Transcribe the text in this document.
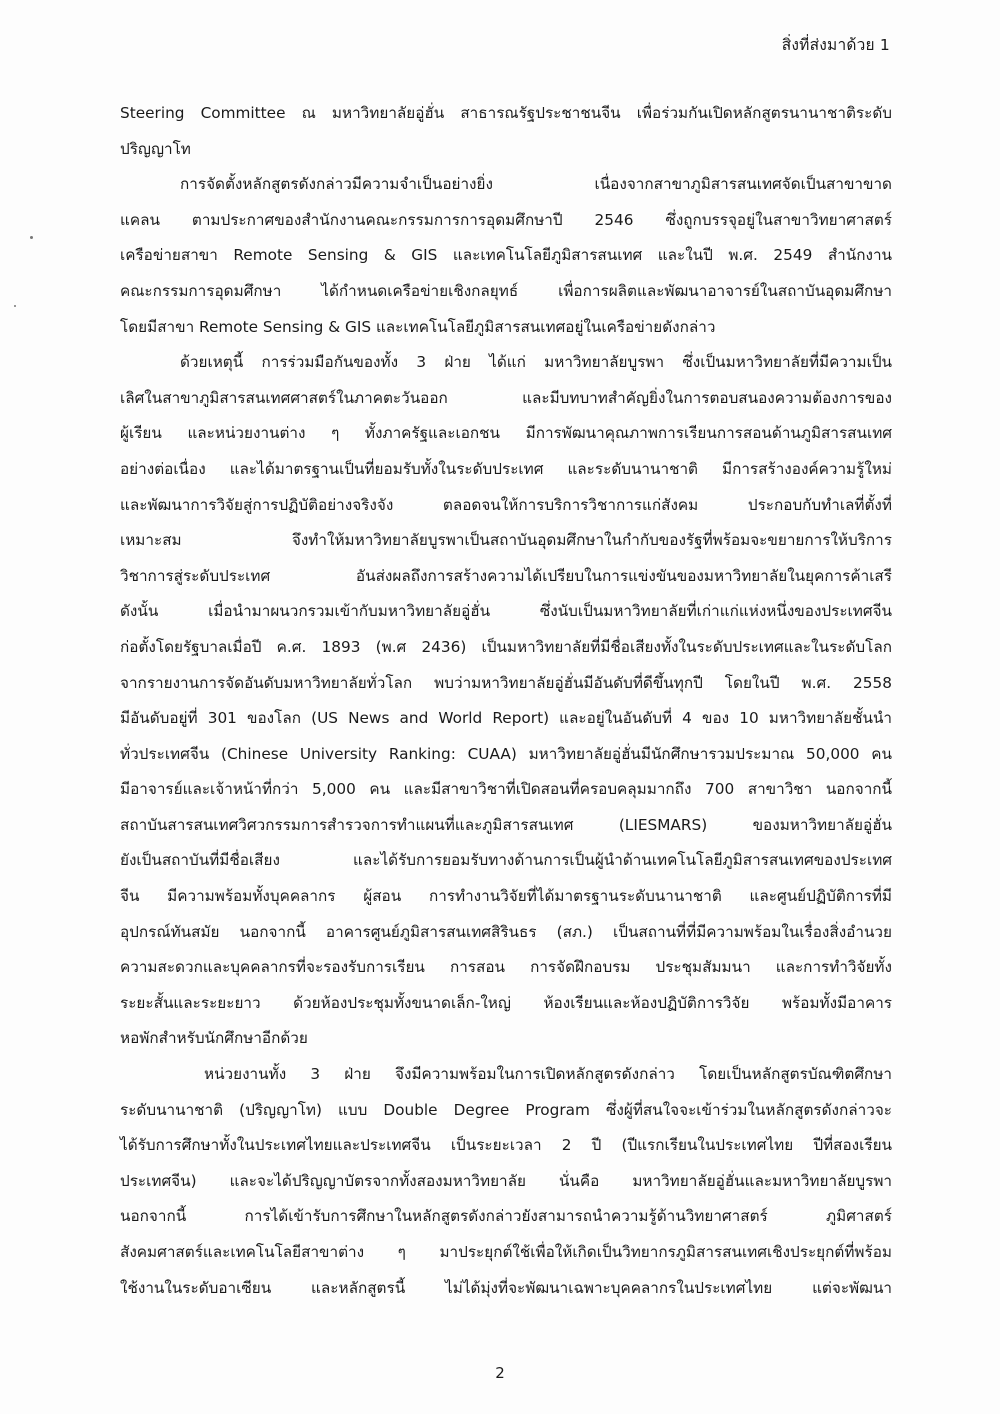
สิ่งที่ส่งมาด้วย 1
Steering Committee ณ มหาวิทยาลัยอู่ฮั่น สาธารณรัฐประชาชนจีน เพื่อร่วมกันเปิดหลักสูตรนานาชาติระดับ
ปริญญาโท
การจัดตั้งหลักสูตรดังกล่าวมีความจำเป็นอย่างยิ่ง เนื่องจากสาขาภูมิสารสนเทศจัดเป็นสาขาขาด
แคลน ตามประกาศของสำนักงานคณะกรรมการการอุดมศึกษาปี 2546 ซึ่งถูกบรรจุอยู่ในสาขาวิทยาศาสตร์
เครือข่ายสาขา Remote Sensing & GIS และเทคโนโลยีภูมิสารสนเทศ และในปี พ.ศ. 2549 สำนักงาน
คณะกรรมการอุดมศึกษา ได้กำหนดเครือข่ายเชิงกลยุทธ์ เพื่อการผลิตและพัฒนาอาจารย์ในสถาบันอุดมศึกษา
โดยมีสาขา Remote Sensing & GIS และเทคโนโลยีภูมิสารสนเทศอยู่ในเครือข่ายดังกล่าว
ด้วยเหตุนี้ การร่วมมือกันของทั้ง 3 ฝ่าย ได้แก่ มหาวิทยาลัยบูรพา ซึ่งเป็นมหาวิทยาลัยที่มีความเป็น
เลิศในสาขาภูมิสารสนเทศศาสตร์ในภาคตะวันออก และมีบทบาทสำคัญยิ่งในการตอบสนองความต้องการของ
ผู้เรียน และหน่วยงานต่าง ๆ ทั้งภาครัฐและเอกชน มีการพัฒนาคุณภาพการเรียนการสอนด้านภูมิสารสนเทศ
อย่างต่อเนื่อง และได้มาตรฐานเป็นที่ยอมรับทั้งในระดับประเทศ และระดับนานาชาติ มีการสร้างองค์ความรู้ใหม่
และพัฒนาการวิจัยสู่การปฏิบัติอย่างจริงจัง ตลอดจนให้การบริการวิชาการแก่สังคม ประกอบกับทำเลที่ตั้งที่
เหมาะสม จึงทำให้มหาวิทยาลัยบูรพาเป็นสถาบันอุดมศึกษาในกำกับของรัฐที่พร้อมจะขยายการให้บริการ
วิชาการสู่ระดับประเทศ อันส่งผลถึงการสร้างความได้เปรียบในการแข่งขันของมหาวิทยาลัยในยุคการค้าเสรี
ดังนั้น เมื่อนำมาผนวกรวมเข้ากับมหาวิทยาลัยอู่ฮั่น ซึ่งนับเป็นมหาวิทยาลัยที่เก่าแก่แห่งหนึ่งของประเทศจีน
ก่อตั้งโดยรัฐบาลเมื่อปี ค.ศ. 1893 (พ.ศ 2436) เป็นมหาวิทยาลัยที่มีชื่อเสียงทั้งในระดับประเทศและในระดับโลก
จากรายงานการจัดอันดับมหาวิทยาลัยทั่วโลก พบว่ามหาวิทยาลัยอู่ฮั่นมีอันดับที่ดีขึ้นทุกปี โดยในปี พ.ศ. 2558
มีอันดับอยู่ที่ 301 ของโลก (US News and World Report) และอยู่ในอันดับที่ 4 ของ 10 มหาวิทยาลัยชั้นนำ
ทั่วประเทศจีน (Chinese University Ranking: CUAA) มหาวิทยาลัยอู่ฮั่นมีนักศึกษารวมประมาณ 50,000 คน
มีอาจารย์และเจ้าหน้าที่กว่า 5,000 คน และมีสาขาวิชาที่เปิดสอนที่ครอบคลุมมากถึง 700 สาขาวิชา นอกจากนี้
สถาบันสารสนเทศวิศวกรรมการสำรวจการทำแผนที่และภูมิสารสนเทศ (LIESMARS) ของมหาวิทยาลัยอู่ฮั่น
ยังเป็นสถาบันที่มีชื่อเสียง และได้รับการยอมรับทางด้านการเป็นผู้นำด้านเทคโนโลยีภูมิสารสนเทศของประเทศ
จีน มีความพร้อมทั้งบุคคลากร ผู้สอน การทำงานวิจัยที่ได้มาตรฐานระดับนานาชาติ และศูนย์ปฏิบัติการที่มี
อุปกรณ์ทันสมัย นอกจากนี้ อาคารศูนย์ภูมิสารสนเทศสิรินธร (สภ.) เป็นสถานที่ที่มีความพร้อมในเรื่องสิ่งอำนวย
ความสะดวกและบุคคลากรที่จะรองรับการเรียน การสอน การจัดฝึกอบรม ประชุมสัมมนา และการทำวิจัยทั้ง
ระยะสั้นและระยะยาว ด้วยห้องประชุมทั้งขนาดเล็ก-ใหญ่ ห้องเรียนและห้องปฏิบัติการวิจัย พร้อมทั้งมีอาคาร
หอพักสำหรับนักศึกษาอีกด้วย
หน่วยงานทั้ง 3 ฝ่าย จึงมีความพร้อมในการเปิดหลักสูตรดังกล่าว โดยเป็นหลักสูตรบัณฑิตศึกษา
ระดับนานาชาติ (ปริญญาโท) แบบ Double Degree Program ซึ่งผู้ที่สนใจจะเข้าร่วมในหลักสูตรดังกล่าวจะ
ได้รับการศึกษาทั้งในประเทศไทยและประเทศจีน เป็นระยะเวลา 2 ปี (ปีแรกเรียนในประเทศไทย ปีที่สองเรียน
ประเทศจีน) และจะได้ปริญญาบัตรจากทั้งสองมหาวิทยาลัย นั่นคือ มหาวิทยาลัยอู่ฮั่นและมหาวิทยาลัยบูรพา
นอกจากนี้ การได้เข้ารับการศึกษาในหลักสูตรดังกล่าวยังสามารถนำความรู้ด้านวิทยาศาสตร์ ภูมิศาสตร์
สังคมศาสตร์และเทคโนโลยีสาขาต่าง ๆ มาประยุกต์ใช้เพื่อให้เกิดเป็นวิทยากรภูมิสารสนเทศเชิงประยุกต์ที่พร้อม
ใช้งานในระดับอาเซียน และหลักสูตรนี้ ไม่ได้มุ่งที่จะพัฒนาเฉพาะบุคคลากรในประเทศไทย แต่จะพัฒนา
2
